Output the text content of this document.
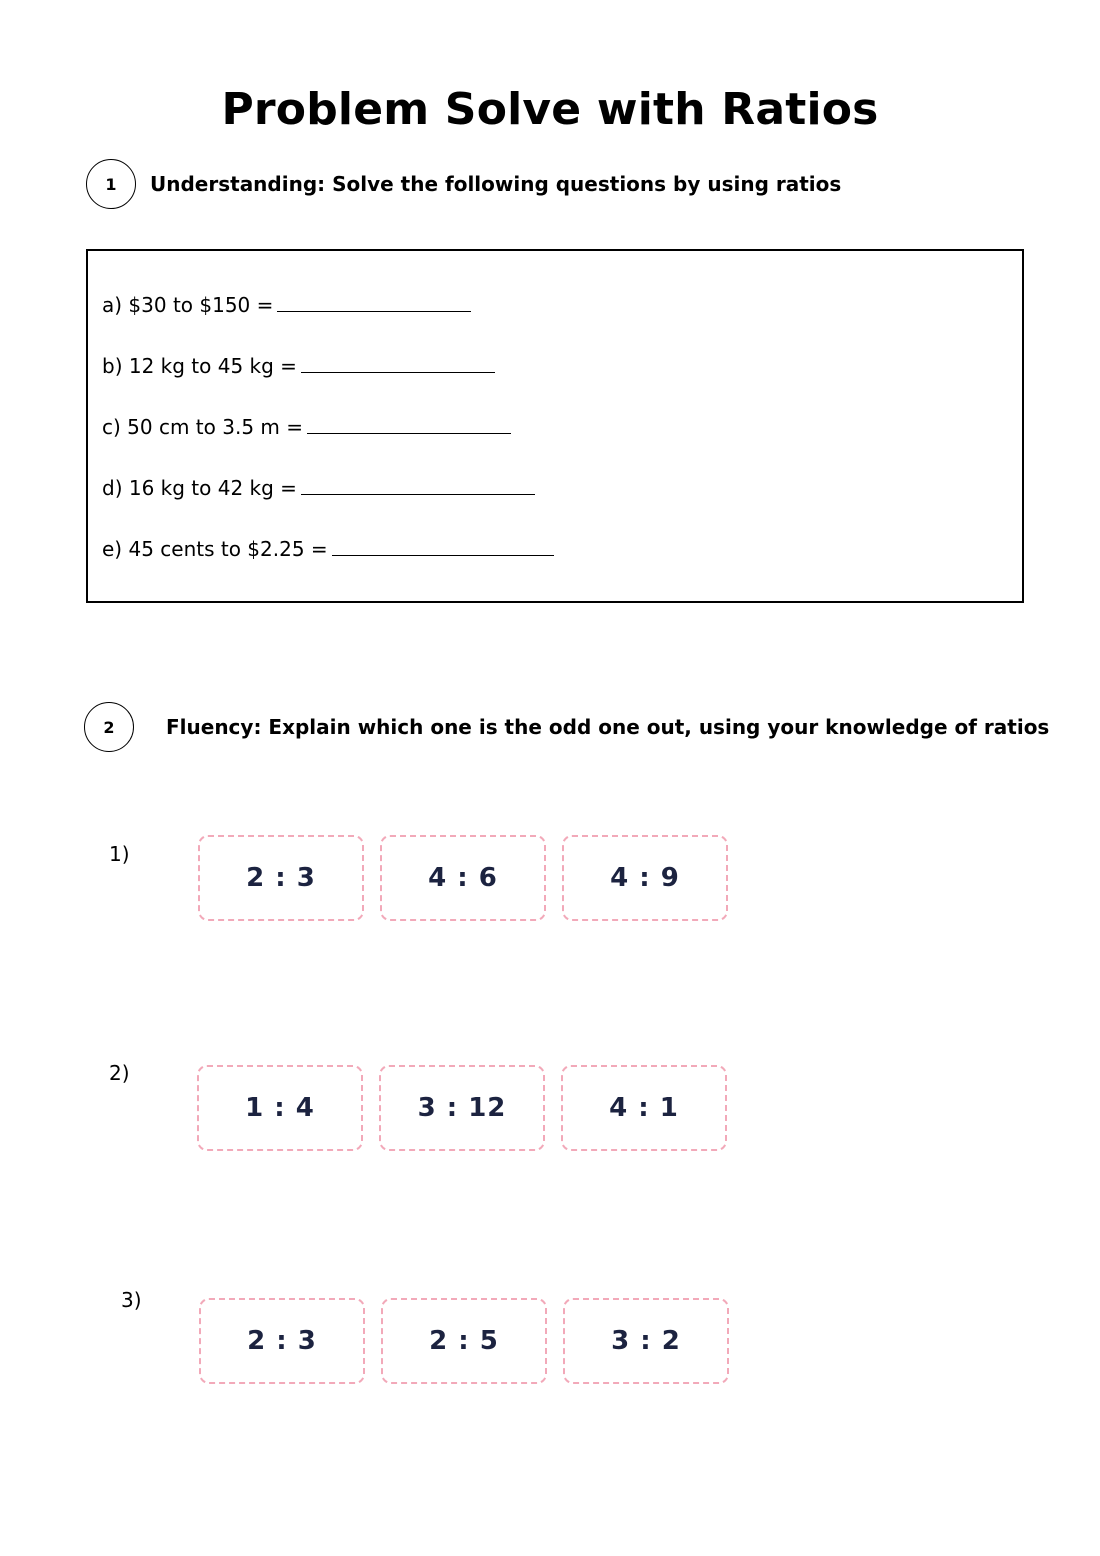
Problem Solve with Ratios
1	Understanding: Solve the following questions by using ratios
a) $30 to $150 =
b) 12 kg to 45 kg =
c) 50 cm to 3.5 m =
d) 16 kg to 42 kg =
e) 45 cents to $2.25 =
2	Fluency: Explain which one is the odd one out, using your knowledge of ratios
1)
2 : 3	4 : 6	4 : 9
2)
1 : 4	3 : 12	4 : 1
3)
2 : 3	2 : 5	3 : 2
